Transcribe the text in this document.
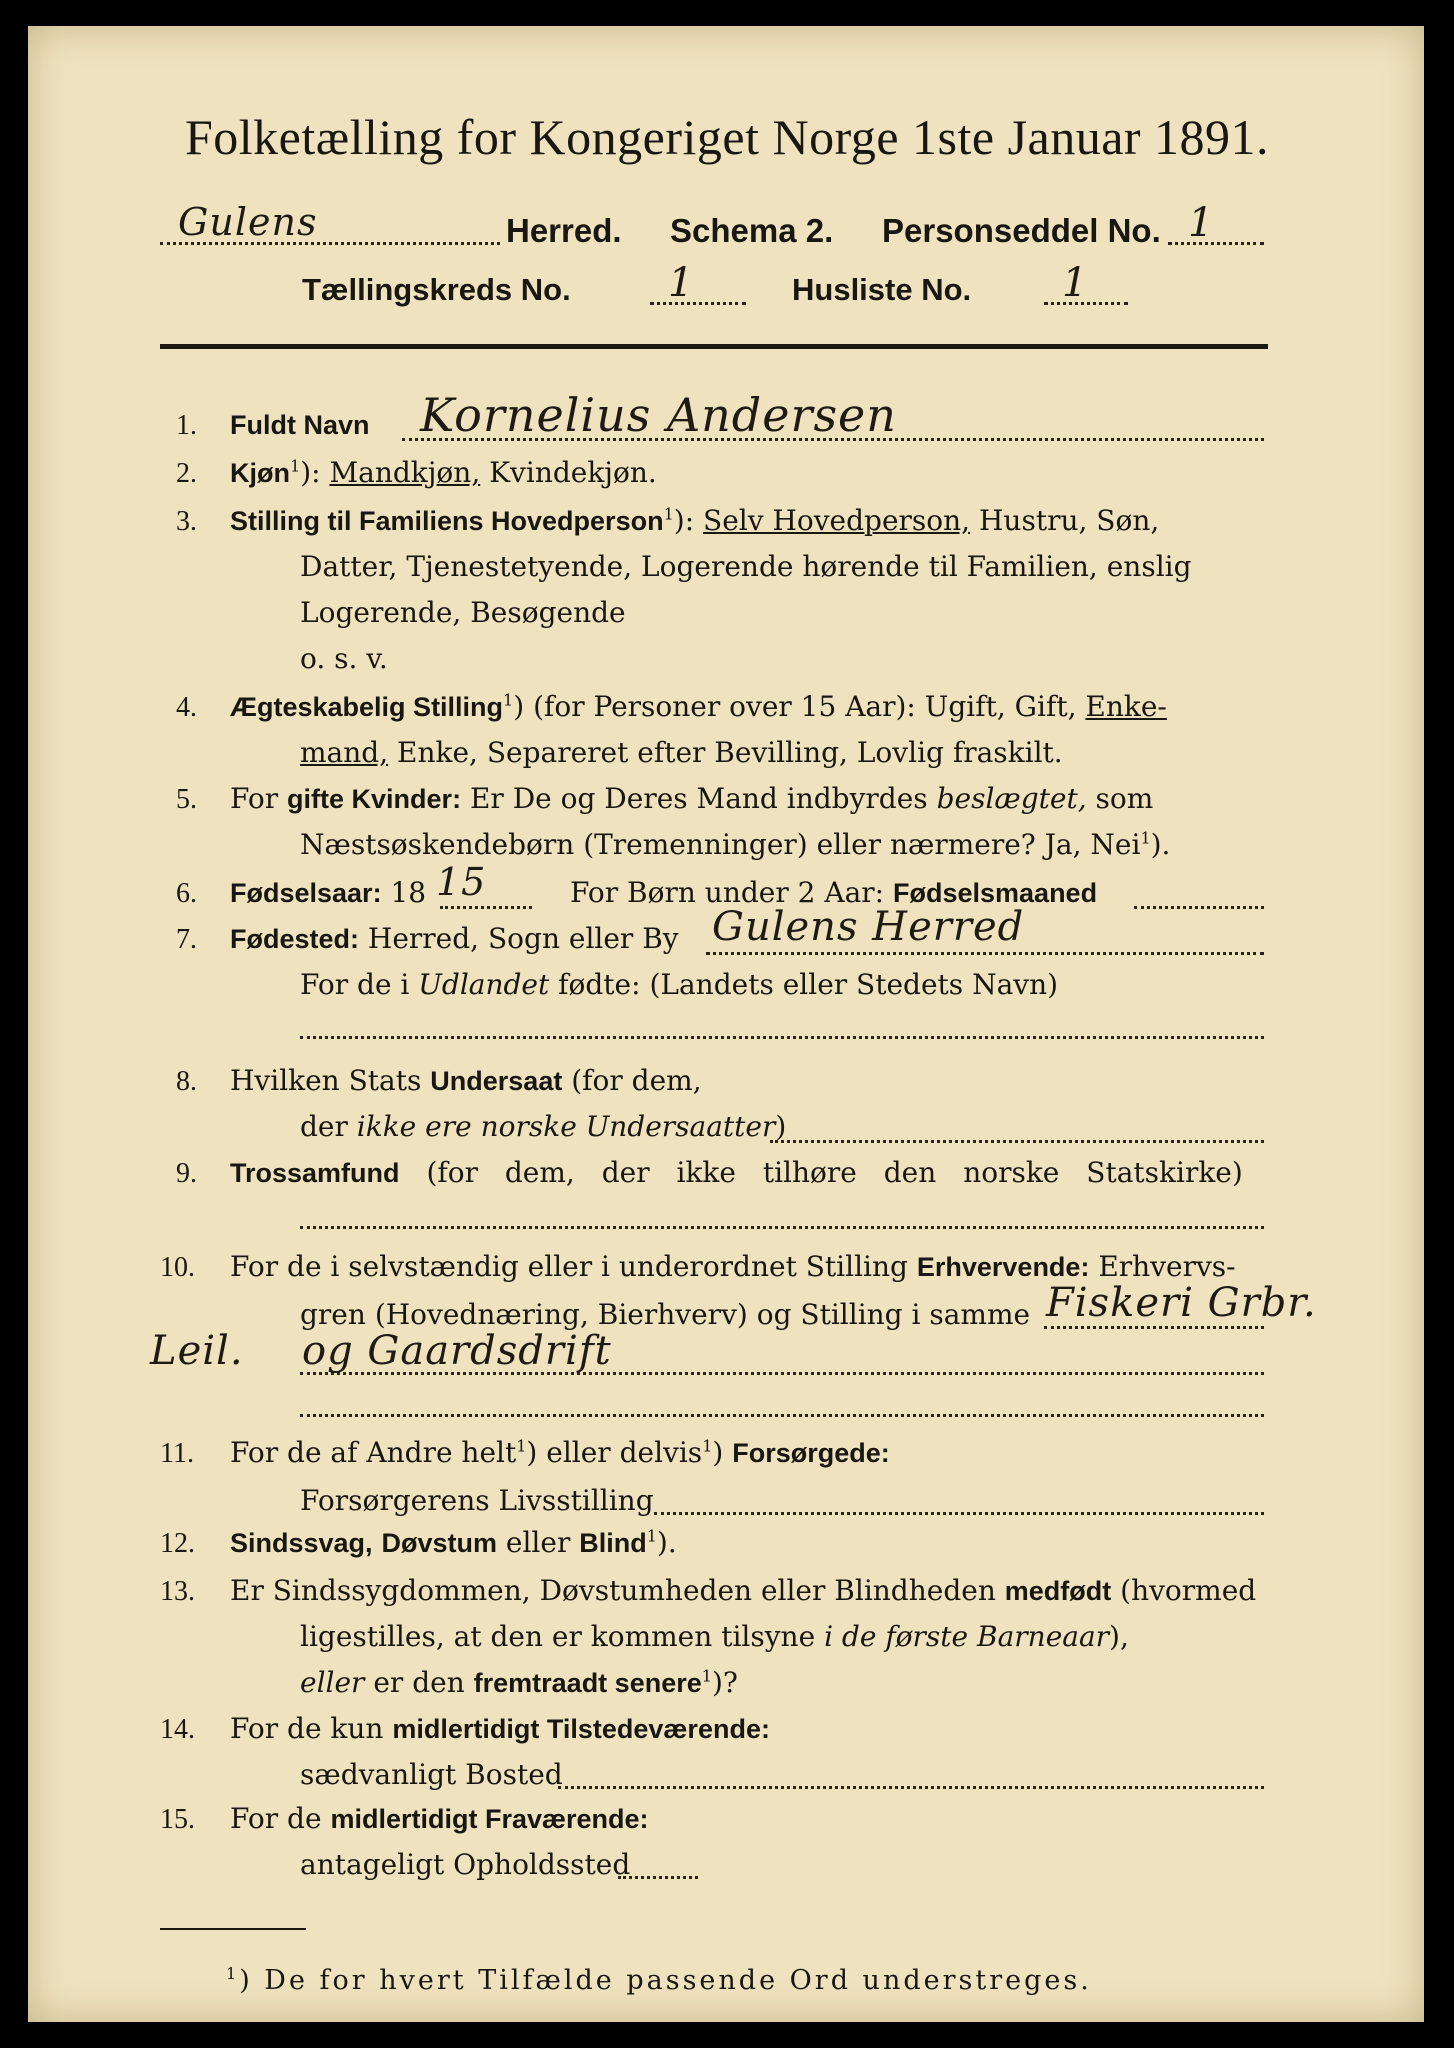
Folketælling for Kongeriget Norge 1ste Januar 1891.
Gulens	Herred. Schema 2. Personseddel No. 1
Tællingskreds No. 1	Husliste No. 1
1. Fuldt Navn Kornelius Andersen
2. Kjøn$^1$): Mandkjøn, Kvindekjøn.
3. Stilling til Familiens Hovedperson$^1$): Selv Hovedperson, Hustru, Søn,
Datter, Tjenestetyende, Logerende hørende til Familien, enslig
Logerende, Besøgende
o. s. v.
4. Ægteskabelig Stilling$^1$) (for Personer over 15 Aar): Ugift, Gift, Enke-
mand, Enke, Separeret efter Bevilling, Lovlig fraskilt.
5. For gifte Kvinder: Er De og Deres Mand indbyrdes beslægtet, som
Næstsøskendebørn (Tremenninger) eller nærmere? Ja, Nei$^1$).
6. Fødselsaar: 18 15	For Børn under 2 Aar: Fødselsmaaned
7. Fødested: Herred, Sogn eller By Gulens Herred
For de i Udlandet fødte: (Landets eller Stedets Navn)
8. Hvilken Stats Undersaat (for dem,
der ikke ere norske Undersaatter)
9. Trossamfund (for dem, der ikke tilhøre den norske Statskirke)
10. For de i selvstændig eller i underordnet Stilling Erhvervende: Erhvervs-
gren (Hovednæring, Bierhverv) og Stilling i samme Fiskeri Grbr.
Leil. og Gaardsdrift
11. For de af Andre helt$^1$) eller delvis$^1$) Forsørgede:
Forsørgerens Livsstilling
12. Sindssvag, Døvstum eller Blind$^1$).
13. Er Sindssygdommen, Døvstumheden eller Blindheden medfødt (hvormed
ligestilles, at den er kommen tilsyne i de første Barneaar),
eller er den fremtraadt senere$^1$)?
14. For de kun midlertidigt Tilstedeværende:
sædvanligt Bosted
15. For de midlertidigt Fraværende:
antageligt Opholdssted
$^1$) De for hvert Tilfælde passende Ord understreges.
